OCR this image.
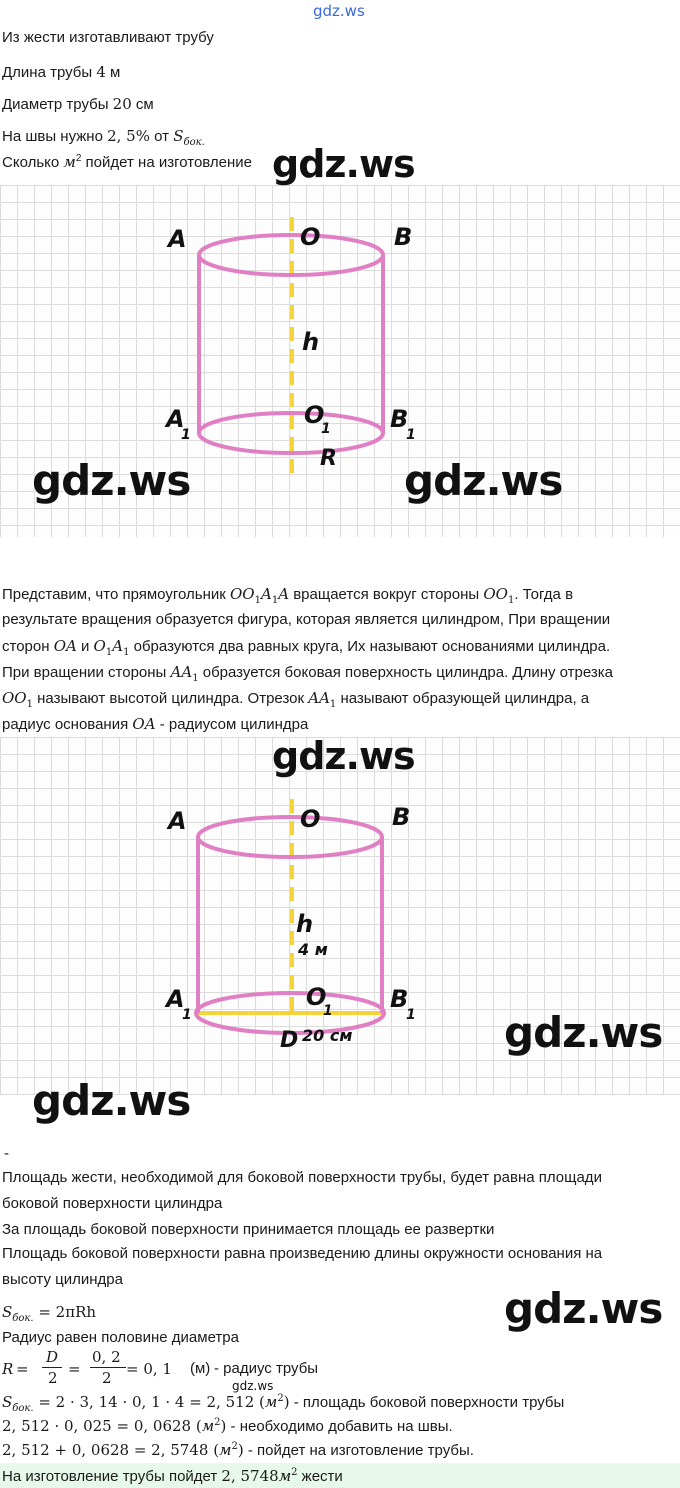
gdz.ws
Из жести изготавливают трубу
Длина трубы 4 м
Диаметр трубы 20 см
На швы нужно 2, 5% от $S_{бок.}$
Сколько $м^2$ пойдет на изготовление
A	O	B
h
A
1
O
1 B
1
R
Представим, что прямоугольник $OO_1A_1A$ вращается вокруг стороны $OO_1$. Тогда в
результате вращения образуется фигура, которая является цилиндром, При вращении
сторон OA и $O_1A_1$ образуются два равных круга, Их называют основаниями цилиндра.
При вращении стороны $AA_1$ образуется боковая поверхность цилиндра. Длину отрезка
$OO_1$ называют высотой цилиндра. Отрезок $AA_1$ называют образующей цилиндра, а
радиус основания OA - радиусом цилиндра
A	O	B
h
4 м
A
1
O
1 B
1
D 20 см
-
Площадь жести, необходимой для боковой поверхности трубы, будет равна площади
боковой поверхности цилиндра
За площадь боковой поверхности принимается площадь ее развертки
Площадь боковой поверхности равна произведению длины окружности основания на
высоту цилиндра
$S_{бок.} = 2\pi Rh$
Радиус равен половине диаметра
R =
D
2 =
0, 2
2 = 0, 1 (м) - радиус трубы
$S_{бок.} = 2 \cdot 3$, 14 · 0, 1 · 4 = 2, 512 $(м^2)$ - площадь боковой поверхности трубы
2, 512 · 0, 025 = 0, 0628 $(м^2)$ - необходимо добавить на швы.
2, 512 + 0, 0628 = 2, 5748 $(м^2)$ - пойдет на изготовление трубы.
На изготовление трубы пойдет 2, $5748м^2$ жести
gdz.ws
gdz.ws	gdz.ws
gdz.ws
gdz.ws
gdz.ws
gdz.ws
gdz.ws
